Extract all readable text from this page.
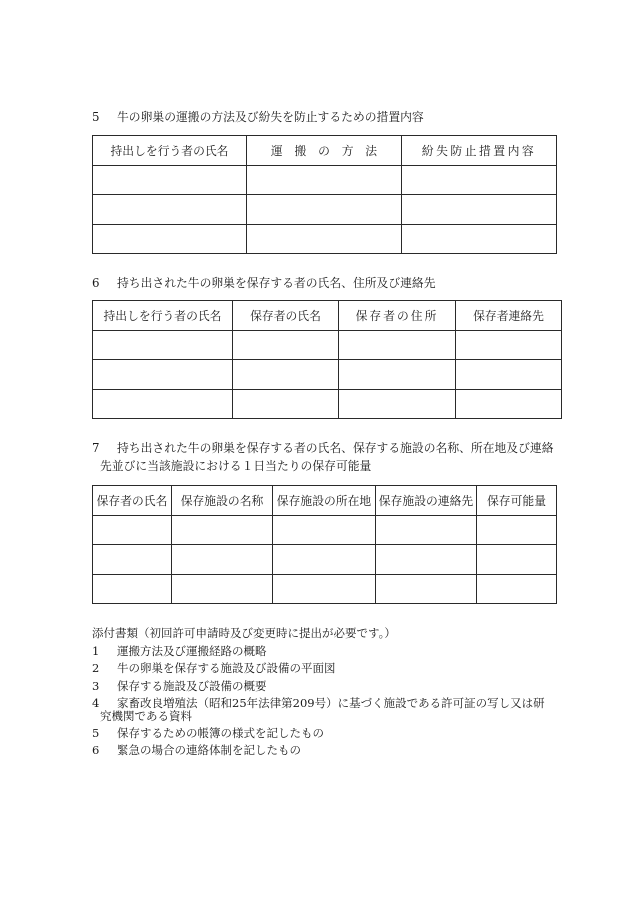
5 牛の卵巣の運搬の方法及び紛失を防止するための措置内容
持出しを行う者の氏名	運　搬　の　方　法	紛失防止措置内容

6 持ち出された牛の卵巣を保存する者の氏名、住所及び連絡先
持出しを行う者の氏名	保存者の氏名	保存者の住所	保存者連絡先

7 持ち出された牛の卵巣を保存する者の氏名、保存する施設の名称、所在地及び連絡
先並びに当該施設における１日当たりの保存可能量
保存者の氏名	保存施設の名称	保存施設の所在地	保存施設の連絡先	保存可能量

添付書類（初回許可申請時及び変更時に提出が必要です。）
1 運搬方法及び運搬経路の概略
2 牛の卵巣を保存する施設及び設備の平面図
3 保存する施設及び設備の概要
4 家畜改良増殖法（昭和25年法律第209号）に基づく施設である許可証の写し又は研
究機関である資料
5 保存するための帳簿の様式を記したもの
6 緊急の場合の連絡体制を記したもの
